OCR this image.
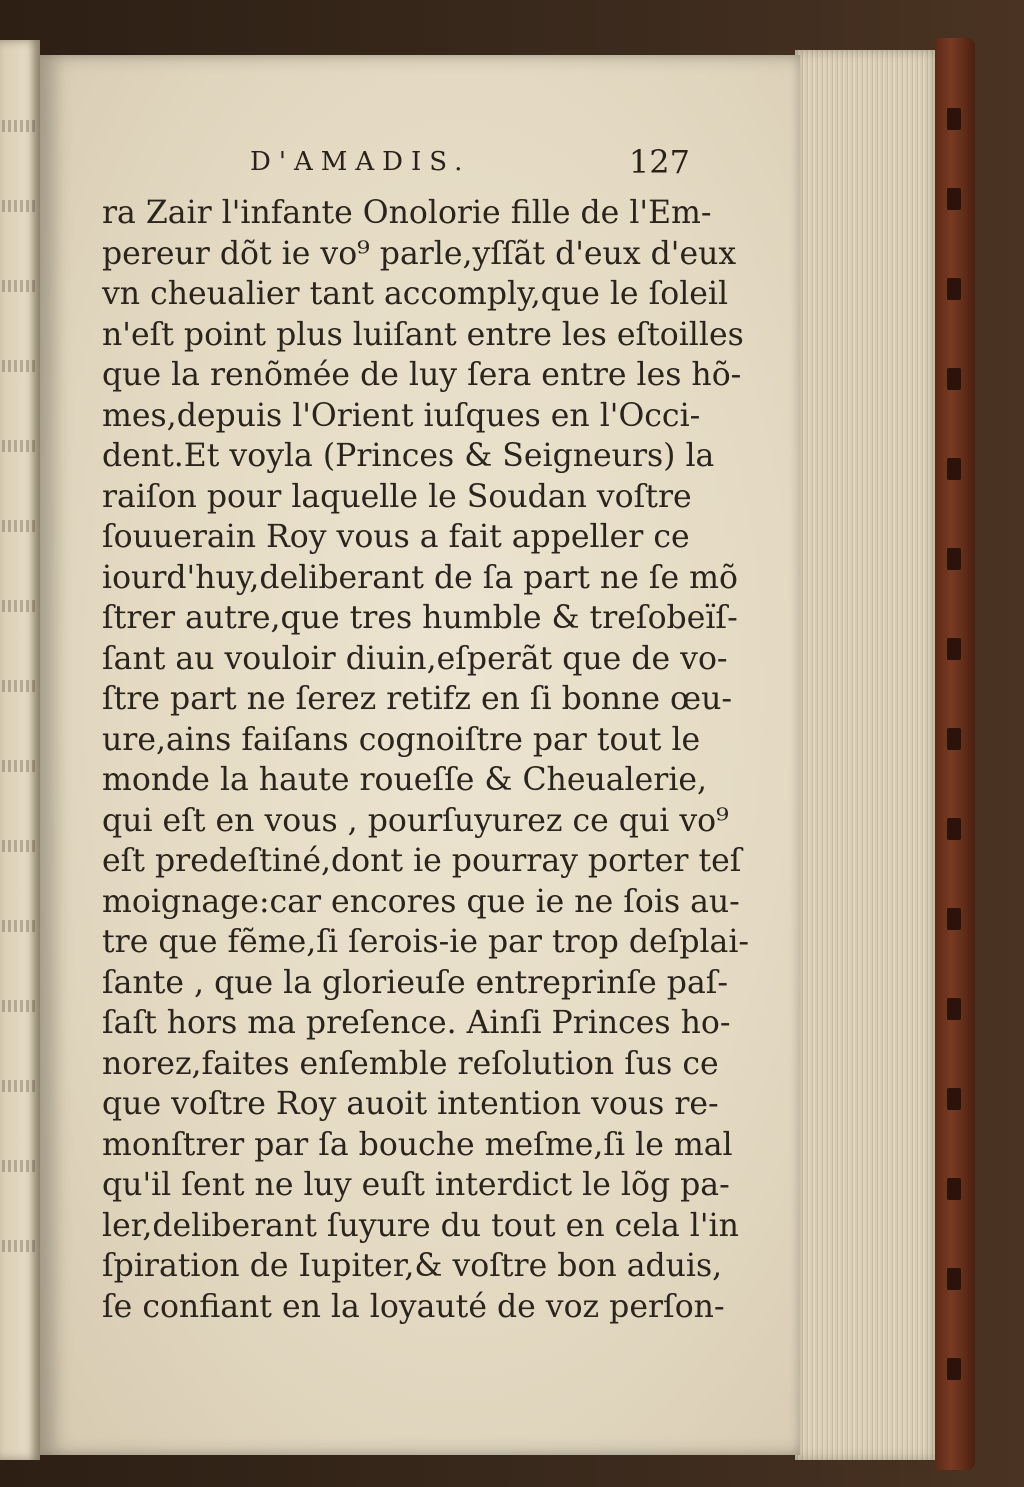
D'AMADIS.	127
ra Zair l'infante Onolorie fille de l'Em-
pereur dõt ie vo⁹ parle,yſſãt d'eux d'eux
vn cheualier tant accomply,que le ſoleil
n'eſt point plus luiſant entre les eſtoilles
que la renõmée de luy ſera entre les hõ-
mes,depuis l'Orient iuſques en l'Occi-
dent.Et voyla (Princes & Seigneurs) la
raiſon pour laquelle le Soudan voſtre
ſouuerain Roy vous a fait appeller ce
iourd'huy,deliberant de ſa part ne ſe mõ
ſtrer autre,que tres humble & treſobeïſ-
ſant au vouloir diuin,eſperãt que de vo-
ſtre part ne ſerez retifz en ſi bonne œu-
ure,ains faiſans cognoiſtre par tout le
monde la haute roueſſe & Cheualerie,
qui eſt en vous , pourſuyurez ce qui vo⁹
eſt predeſtiné,dont ie pourray porter teſ
moignage:car encores que ie ne ſois au-
tre que fẽme,ſi ſerois-ie par trop deſplai-
ſante , que la glorieuſe entreprinſe paſ-
ſaſt hors ma preſence. Ainſi Princes ho-
norez,faites enſemble reſolution ſus ce
que voſtre Roy auoit intention vous re-
monſtrer par ſa bouche meſme,ſi le mal
qu'il ſent ne luy euſt interdict le lõg pa-
ler,deliberant ſuyure du tout en cela l'in
ſpiration de Iupiter,& voſtre bon aduis,
ſe confiant en la loyauté de voz perſon-
